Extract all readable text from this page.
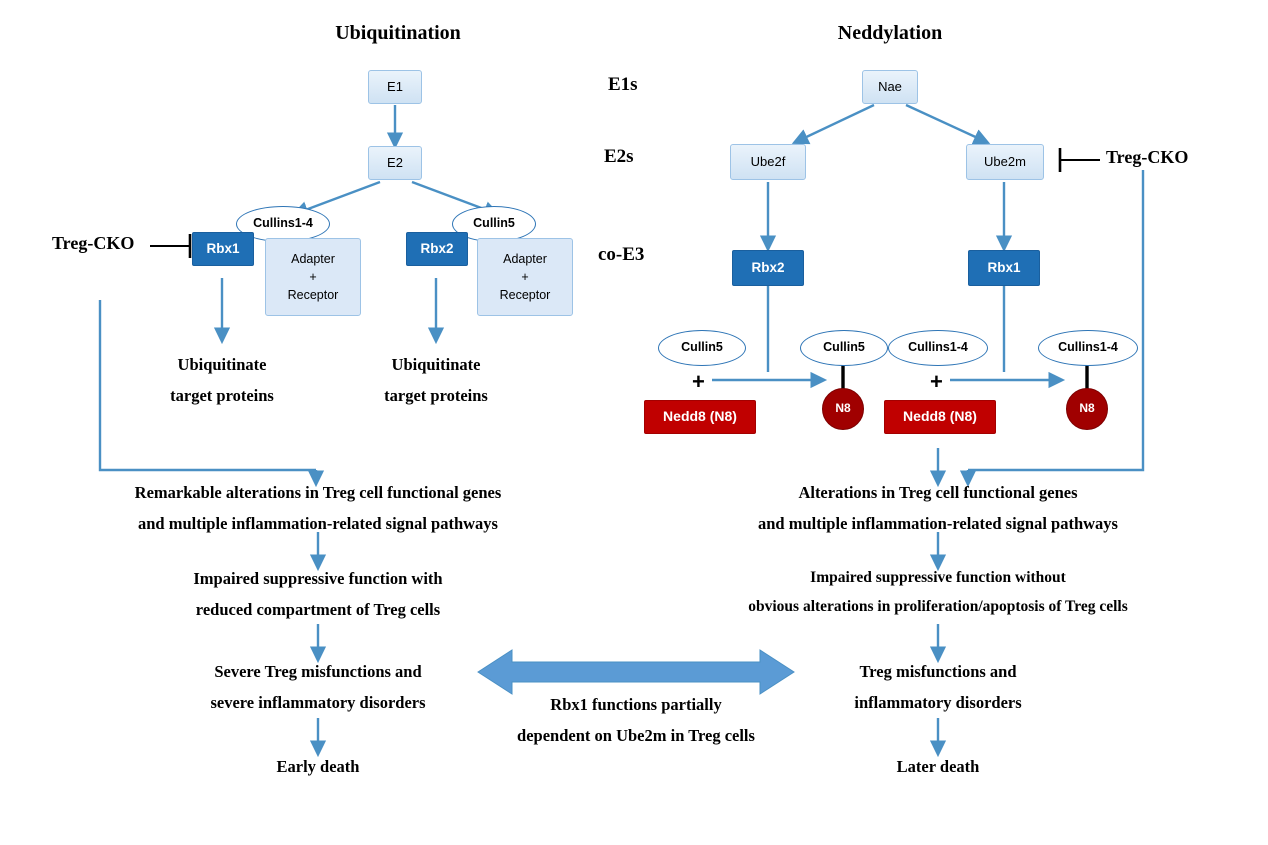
Ubiquitination	Neddylation
E1s
E2s
co-E3
E1
E2
Cullins1-4	Cullin5
Rbx1	Rbx2
Adapter
+
Receptor
Adapter
+
Receptor
Treg-CKO
Ubiquitinate
target proteins
Ubiquitinate
target proteins
Nae
Ube2f	Ube2m	Treg-CKO
Rbx2	Rbx1
Cullin5	Cullin5	Cullins1-4	Cullins1-4
+	+
Nedd8 (N8)	Nedd8 (N8)
N8	N8
Remarkable alterations in Treg cell functional genes
and multiple inflammation-related signal pathways
Impaired suppressive function with
reduced compartment of Treg cells
Severe Treg misfunctions and
severe inflammatory disorders
Early death
Alterations in Treg cell functional genes
and multiple inflammation-related signal pathways
Impaired suppressive function without
obvious alterations in proliferation/apoptosis of Treg cells
Treg misfunctions and
inflammatory disorders
Later death
Rbx1 functions partially
dependent on Ube2m in Treg cells
